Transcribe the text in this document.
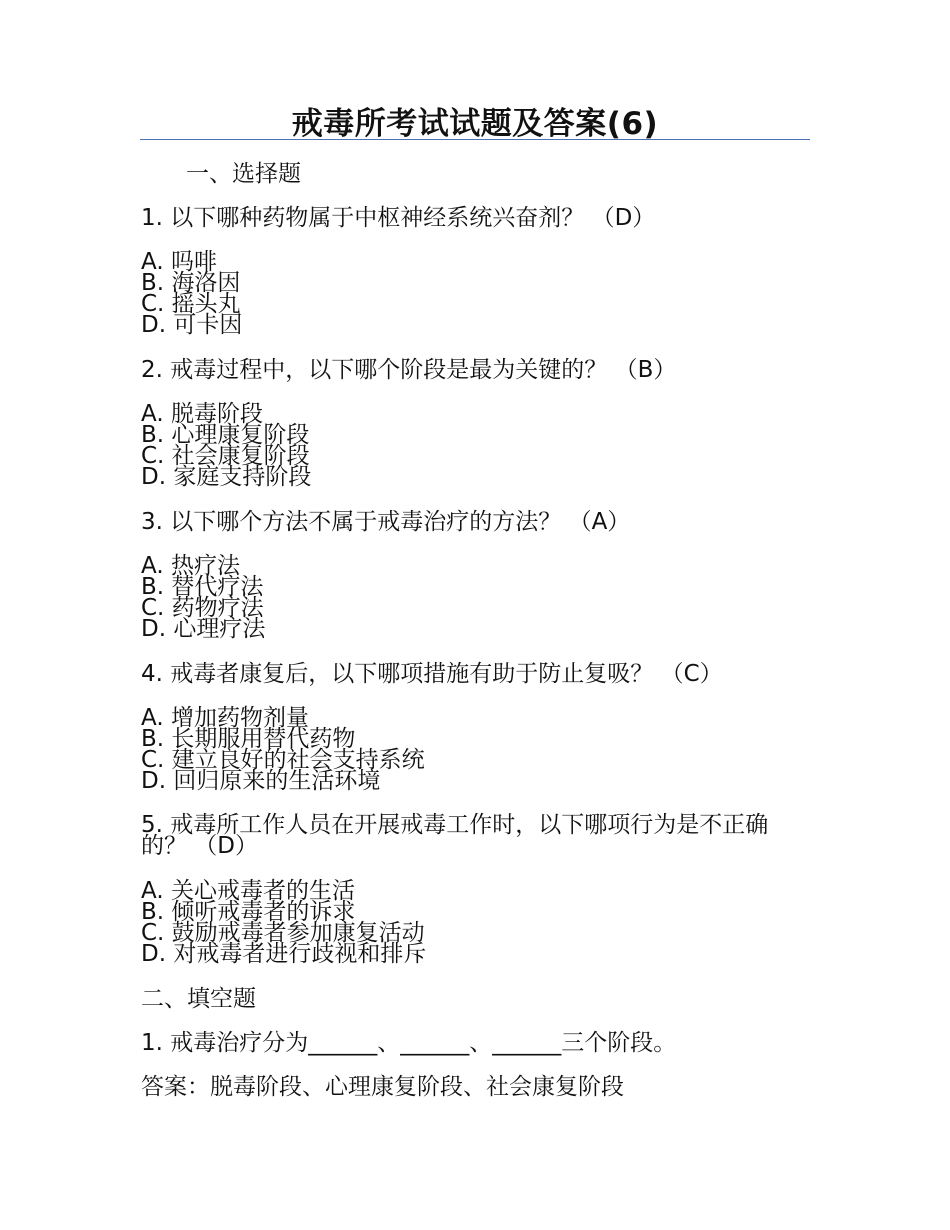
戒毒所考试试题及答案(6)
一、选择题
1. 以下哪种药物属于中枢神经系统兴奋剂？ （D）
A. 吗啡
B. 海洛因
C. 摇头丸
D. 可卡因
2. 戒毒过程中，以下哪个阶段是最为关键的？ （B）
A. 脱毒阶段
B. 心理康复阶段
C. 社会康复阶段
D. 家庭支持阶段
3. 以下哪个方法不属于戒毒治疗的方法？ （A）
A. 热疗法
B. 替代疗法
C. 药物疗法
D. 心理疗法
4. 戒毒者康复后，以下哪项措施有助于防止复吸？ （C）
A. 增加药物剂量
B. 长期服用替代药物
C. 建立良好的社会支持系统
D. 回归原来的生活环境
5. 戒毒所工作人员在开展戒毒工作时，以下哪项行为是不正确的？ （D）
A. 关心戒毒者的生活
B. 倾听戒毒者的诉求
C. 鼓励戒毒者参加康复活动
D. 对戒毒者进行歧视和排斥
二、填空题
1. 戒毒治疗分为______、______、______三个阶段。
答案：脱毒阶段、心理康复阶段、社会康复阶段
